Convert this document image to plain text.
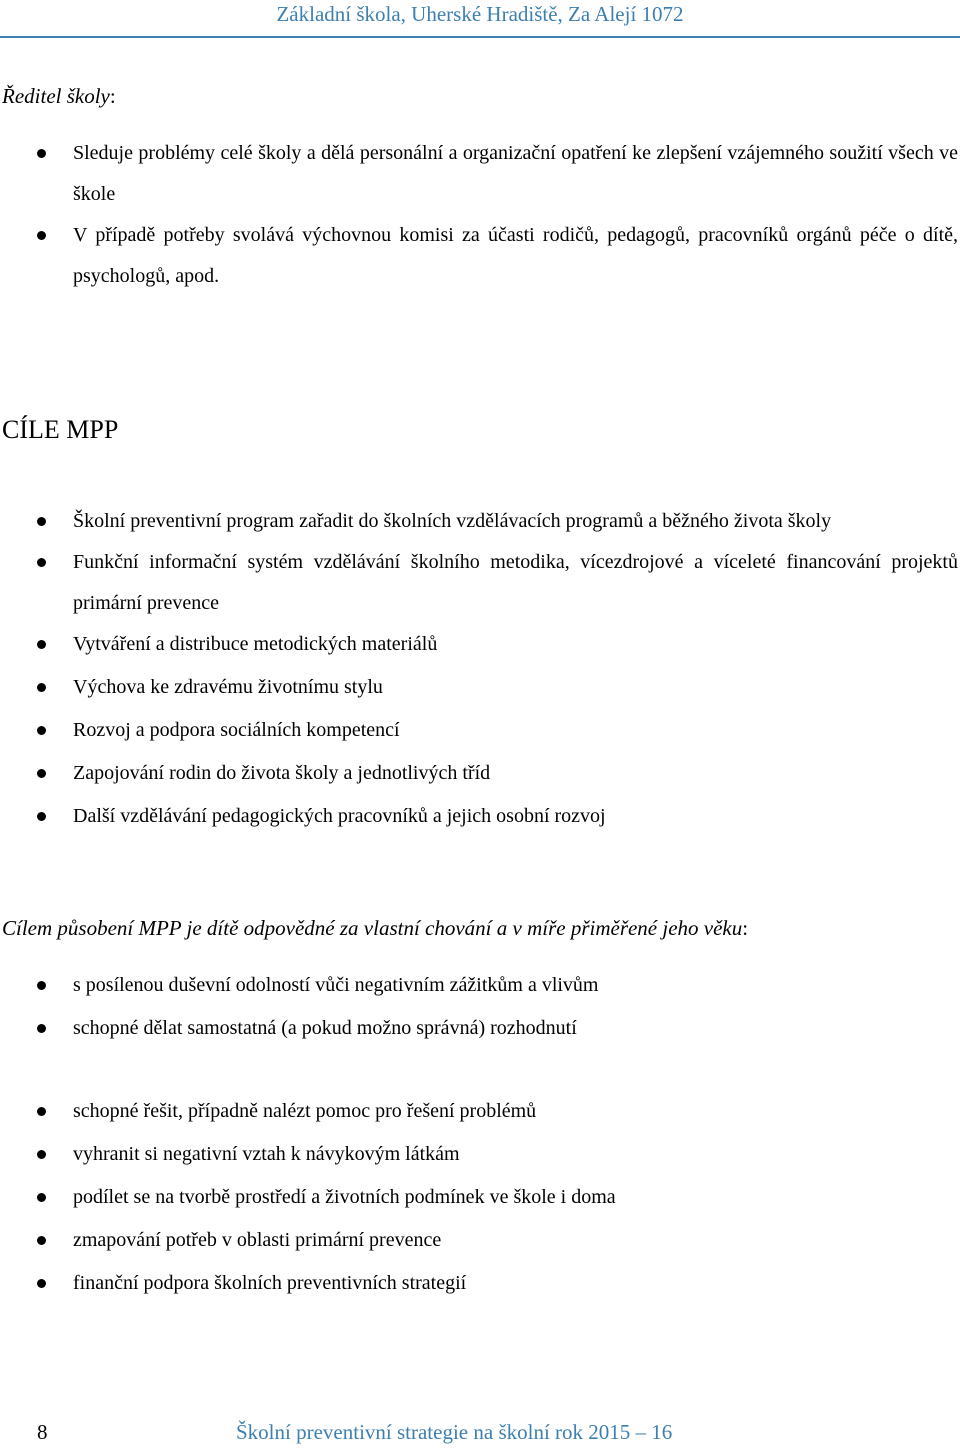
Základní škola, Uherské Hradiště, Za Alejí 1072

Ředitel školy:

Sleduje problémy celé školy a dělá personální a organizační opatření ke zlepšení vzájemného soužití všech ve škole
V případě potřeby svolává výchovnou komisi za účasti rodičů, pedagogů, pracovníků orgánů péče o dítě, psychologů, apod.
CÍLE MPP
Školní preventivní program zařadit do školních vzdělávacích programů a běžného života školy
Funkční informační systém vzdělávání školního metodika, vícezdrojové a víceleté financování projektů primární prevence
Vytváření a distribuce metodických materiálů
Výchova ke zdravému životnímu stylu
Rozvoj a podpora sociálních kompetencí
Zapojování rodin do života školy a jednotlivých tříd
Další vzdělávání pedagogických pracovníků a jejich osobní rozvoj

Cílem působení MPP je dítě odpovědné za vlastní chování a v míře přiměřené jeho věku:

s posílenou duševní odolností vůči negativním zážitkům a vlivům
schopné dělat samostatná (a pokud možno správná) rozhodnutí
schopné řešit, případně nalézt pomoc pro řešení problémů
vyhranit si negativní vztah k návykovým látkám
podílet se na tvorbě prostředí a životních podmínek ve škole i doma
zmapování potřeb v oblasti primární prevence
finanční podpora školních preventivních strategií
8	Školní preventivní strategie na školní rok 2015 – 16
